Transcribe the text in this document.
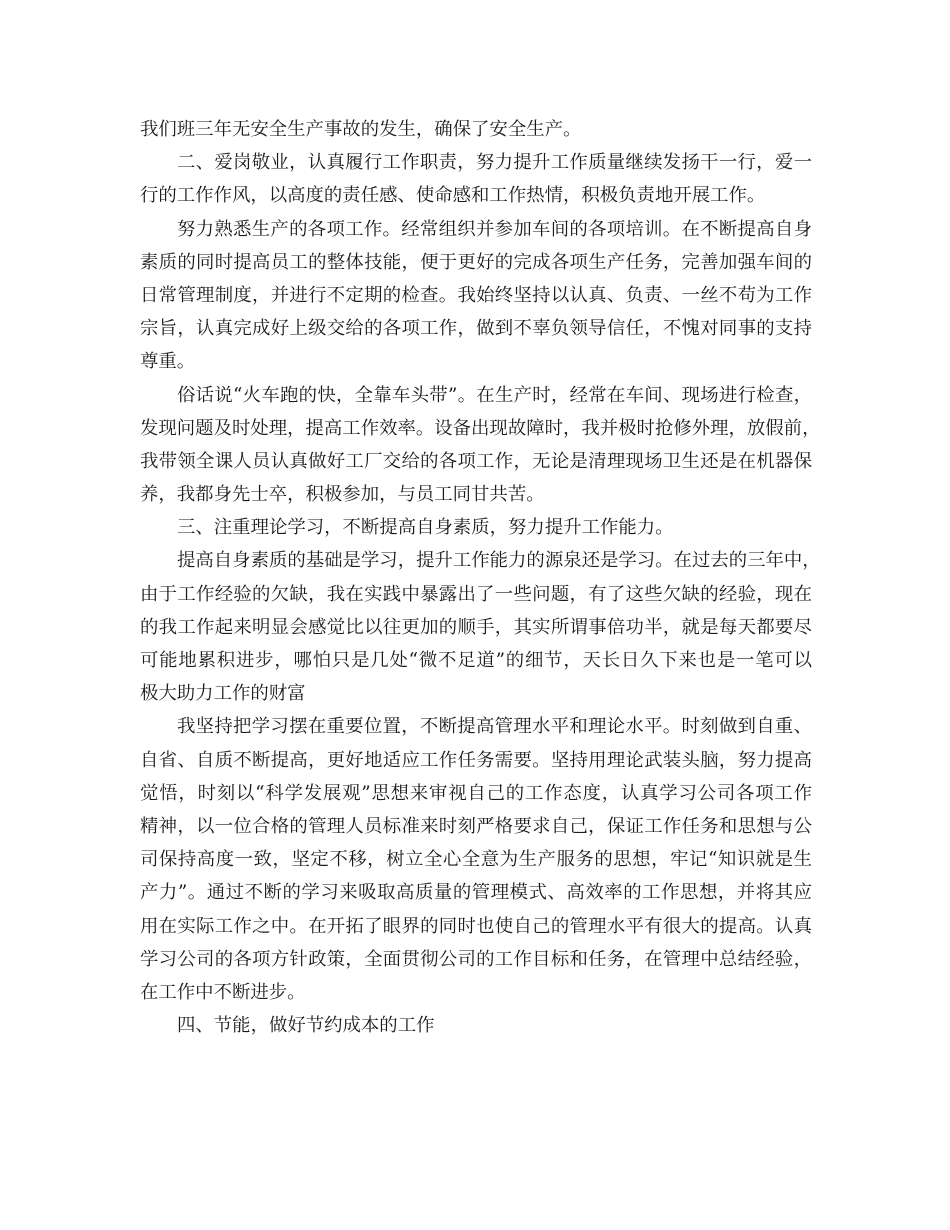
我们班三年无安全生产事故的发生，确保了安全生产。
二、爱岗敬业，认真履行工作职责，努力提升工作质量继续发扬干一行，爱一
行的工作作风，以高度的责任感、使命感和工作热情，积极负责地开展工作。
努力熟悉生产的各项工作。经常组织并参加车间的各项培训。在不断提高自身
素质的同时提高员工的整体技能，便于更好的完成各项生产任务，完善加强车间的
日常管理制度，并进行不定期的检查。我始终坚持以认真、负责、一丝不苟为工作
宗旨，认真完成好上级交给的各项工作，做到不辜负领导信任，不愧对同事的支持
尊重。
俗话说“火车跑的快，全靠车头带”。在生产时，经常在车间、现场进行检查，
发现问题及时处理，提高工作效率。设备出现故障时，我并极时抢修外理，放假前，
我带领全课人员认真做好工厂交给的各项工作，无论是清理现场卫生还是在机器保
养，我都身先士卒，积极参加，与员工同甘共苦。
三、注重理论学习，不断提高自身素质，努力提升工作能力。
提高自身素质的基础是学习，提升工作能力的源泉还是学习。在过去的三年中，
由于工作经验的欠缺，我在实践中暴露出了一些问题，有了这些欠缺的经验，现在
的我工作起来明显会感觉比以往更加的顺手，其实所谓事倍功半，就是每天都要尽
可能地累积进步，哪怕只是几处“微不足道”的细节，天长日久下来也是一笔可以
极大助力工作的财富
我坚持把学习摆在重要位置，不断提高管理水平和理论水平。时刻做到自重、
自省、自质不断提高，更好地适应工作任务需要。坚持用理论武装头脑，努力提高
觉悟，时刻以“科学发展观”思想来审视自己的工作态度，认真学习公司各项工作
精神，以一位合格的管理人员标准来时刻严格要求自己，保证工作任务和思想与公
司保持高度一致，坚定不移，树立全心全意为生产服务的思想，牢记“知识就是生
产力”。通过不断的学习来吸取高质量的管理模式、高效率的工作思想，并将其应
用在实际工作之中。在开拓了眼界的同时也使自己的管理水平有很大的提高。认真
学习公司的各项方针政策，全面贯彻公司的工作目标和任务，在管理中总结经验，
在工作中不断进步。
四、节能，做好节约成本的工作
